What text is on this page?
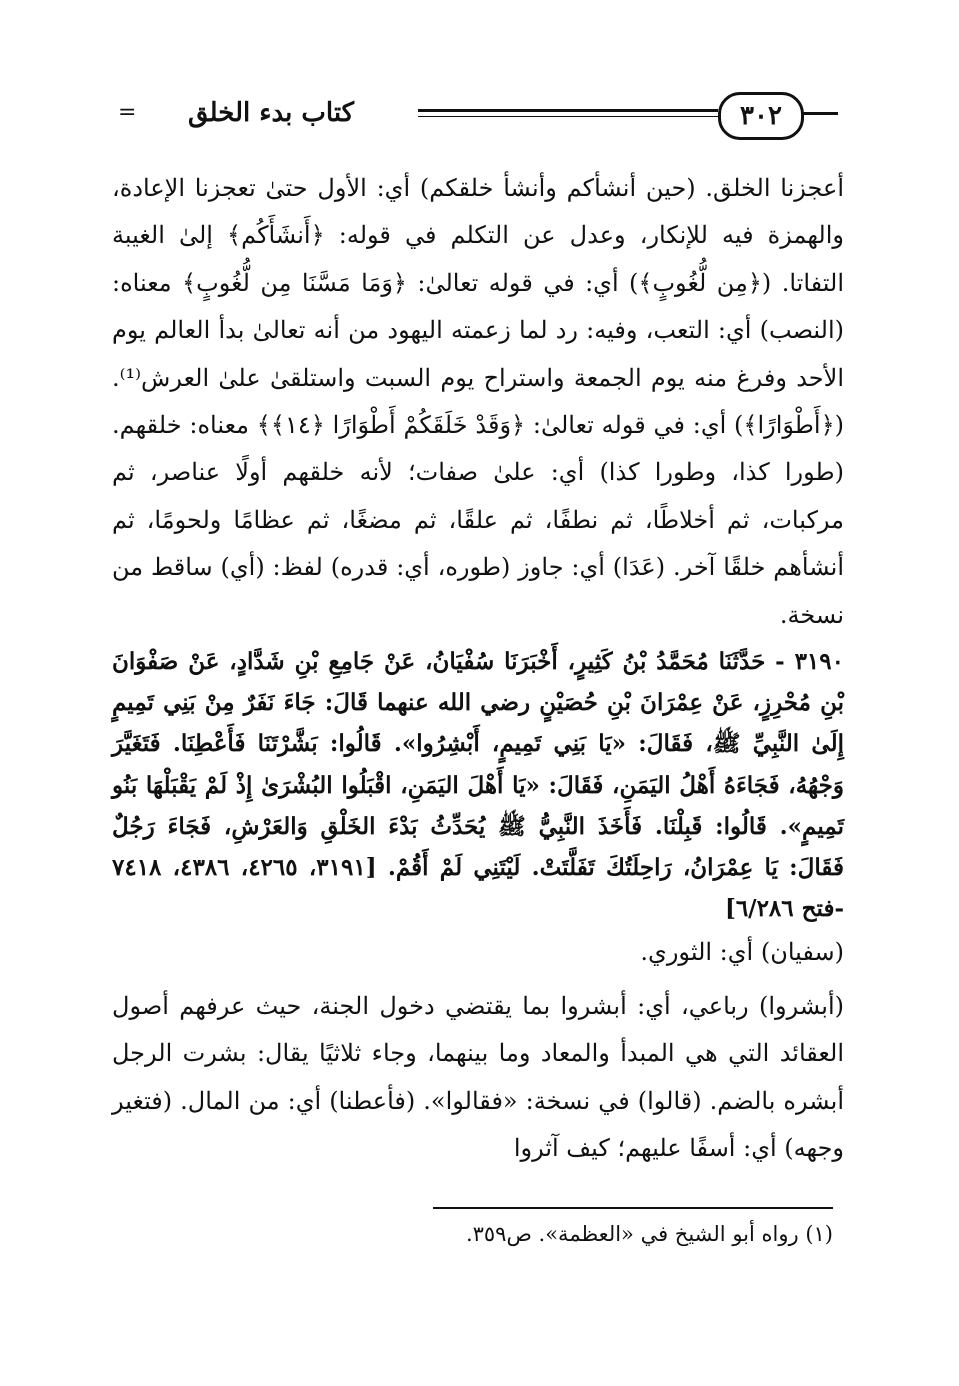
= كتاب بدء الخلق	٣٠٢

أعجزنا الخلق. (حين أنشأكم وأنشأ خلقكم) أي: الأول حتىٰ تعجزنا الإعادة، والهمزة فيه للإنكار، وعدل عن التكلم في قوله: ﴿أَنشَأَكُم﴾ إلىٰ الغيبة التفاتا. (﴿مِن لُّغُوبٍ﴾) أي: في قوله تعالىٰ: ﴿وَمَا مَسَّنَا مِن لُّغُوبٍ﴾ معناه: (النصب) أي: التعب، وفيه: رد لما زعمته اليهود من أنه تعالىٰ بدأ العالم يوم الأحد وفرغ منه يوم الجمعة واستراح يوم السبت واستلقىٰ علىٰ العرش⁽¹⁾. (﴿أَطْوَارًا﴾) أي: في قوله تعالىٰ: ﴿وَقَدْ خَلَقَكُمْ أَطْوَارًا ﴿١٤﴾﴾ معناه: خلقهم. (طورا كذا، وطورا كذا) أي: علىٰ صفات؛ لأنه خلقهم أولًا عناصر، ثم مركبات، ثم أخلاطًا، ثم نطفًا، ثم علقًا، ثم مضغًا، ثم عظامًا ولحومًا، ثم أنشأهم خلقًا آخر. (عَدَا) أي: جاوز (طوره، أي: قدره) لفظ: (أي) ساقط من نسخة.

٣١٩٠ - حَدَّثَنَا مُحَمَّدُ بْنُ كَثِيرٍ، أَخْبَرَنَا سُفْيَانُ، عَنْ جَامِعِ بْنِ شَدَّادٍ، عَنْ صَفْوَانَ بْنِ مُحْرِزٍ، عَنْ عِمْرَانَ بْنِ حُصَيْنٍ رضي الله عنهما قَالَ: جَاءَ نَفَرٌ مِنْ بَنِي تَمِيمٍ إِلَىٰ النَّبِيِّ ﷺ، فَقَالَ: «يَا بَنِي تَمِيمٍ، أَبْشِرُوا». قَالُوا: بَشَّرْتَنَا فَأَعْطِنَا. فَتَغَيَّرَ وَجْهُهُ، فَجَاءَهُ أَهْلُ اليَمَنِ، فَقَالَ: «يَا أَهْلَ اليَمَنِ، اقْبَلُوا البُشْرَىٰ إِذْ لَمْ يَقْبَلْهَا بَنُو تَمِيمٍ». قَالُوا: قَبِلْنَا. فَأَخَذَ النَّبِيُّ ﷺ يُحَدِّثُ بَدْءَ الخَلْقِ وَالعَرْشِ، فَجَاءَ رَجُلٌ فَقَالَ: يَا عِمْرَانُ، رَاحِلَتُكَ تَفَلَّتَتْ. لَيْتَنِي لَمْ أَقُمْ. [٣١٩١، ٤٢٦٥، ٤٣٨٦، ٧٤١٨ -فتح ٦/٢٨٦]

(سفيان) أي: الثوري.

(أبشروا) رباعي، أي: أبشروا بما يقتضي دخول الجنة، حيث عرفهم أصول العقائد التي هي المبدأ والمعاد وما بينهما، وجاء ثلاثيًا يقال: بشرت الرجل أبشره بالضم. (قالوا) في نسخة: «فقالوا». (فأعطنا) أي: من المال. (فتغير وجهه) أي: أسفًا عليهم؛ كيف آثروا

(١) رواه أبو الشيخ في «العظمة». ص٣٥٩.
